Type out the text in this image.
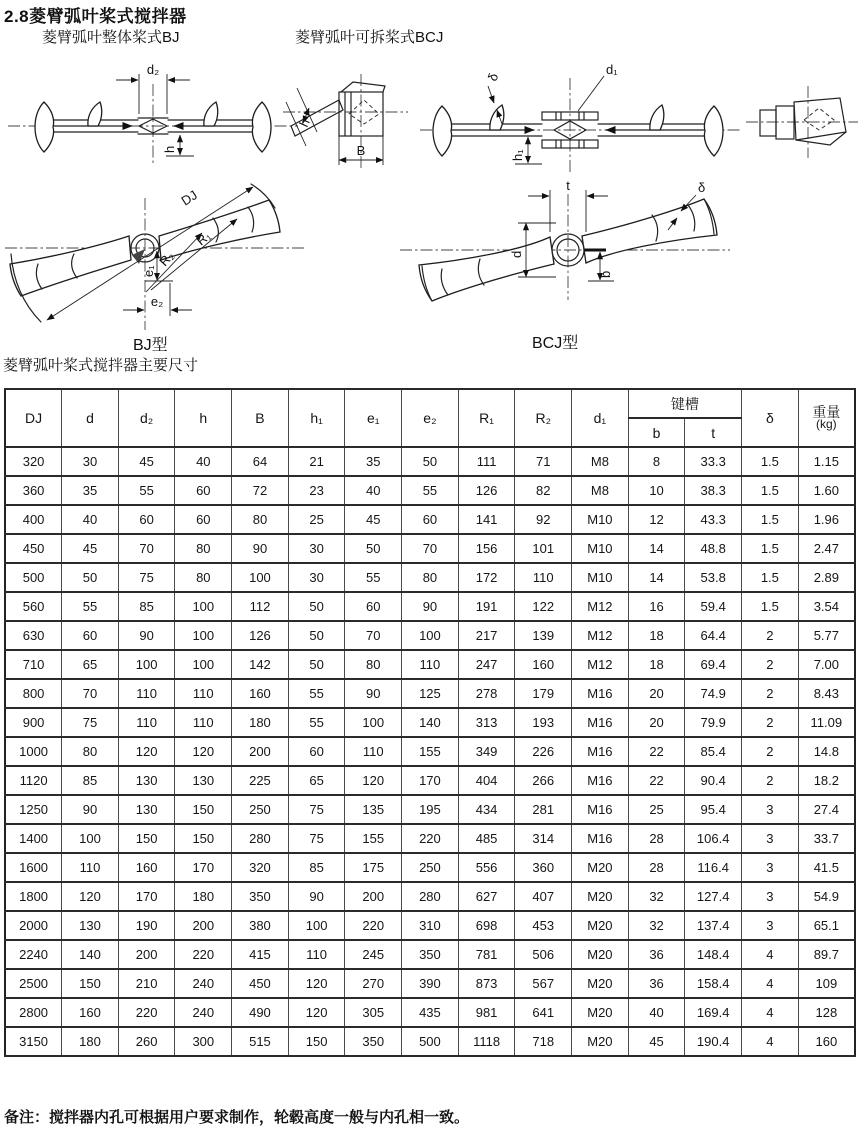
2.8菱臂弧叶桨式搅拌器
菱臂弧叶整体桨式BJ	菱臂弧叶可拆桨式BCJ
d₂
h
h
B
d₁
δ
h₁
DJ
R₁
R₂
e₁
e₂
t
d
b
δ
BJ型	BCJ型
菱臂弧叶桨式搅拌器主要尺寸
DJ	d	d₂	h	B	h₁	e₁	e₂	R₁	R₂	d₁	键槽		δ	重量
(kg)

											b	t		
320	30	45	40	64	21	35	50	111	71	M8	8	33.3	1.5	1.15
360	35	55	60	72	23	40	55	126	82	M8	10	38.3	1.5	1.60
400	40	60	60	80	25	45	60	141	92	M10	12	43.3	1.5	1.96
450	45	70	80	90	30	50	70	156	101	M10	14	48.8	1.5	2.47
500	50	75	80	100	30	55	80	172	110	M10	14	53.8	1.5	2.89
560	55	85	100	112	50	60	90	191	122	M12	16	59.4	1.5	3.54
630	60	90	100	126	50	70	100	217	139	M12	18	64.4	2	5.77
710	65	100	100	142	50	80	110	247	160	M12	18	69.4	2	7.00
800	70	110	110	160	55	90	125	278	179	M16	20	74.9	2	8.43
900	75	110	110	180	55	100	140	313	193	M16	20	79.9	2	11.09
1000	80	120	120	200	60	110	155	349	226	M16	22	85.4	2	14.8
1120	85	130	130	225	65	120	170	404	266	M16	22	90.4	2	18.2
1250	90	130	150	250	75	135	195	434	281	M16	25	95.4	3	27.4
1400	100	150	150	280	75	155	220	485	314	M16	28	106.4	3	33.7
1600	110	160	170	320	85	175	250	556	360	M20	28	116.4	3	41.5
1800	120	170	180	350	90	200	280	627	407	M20	32	127.4	3	54.9
2000	130	190	200	380	100	220	310	698	453	M20	32	137.4	3	65.1
2240	140	200	220	415	110	245	350	781	506	M20	36	148.4	4	89.7
2500	150	210	240	450	120	270	390	873	567	M20	36	158.4	4	109
2800	160	220	240	490	120	305	435	981	641	M20	40	169.4	4	128
3150	180	260	300	515	150	350	500	1118	718	M20	45	190.4	4	160
备注：搅拌器内孔可根据用户要求制作，轮毂高度一般与内孔相一致。
